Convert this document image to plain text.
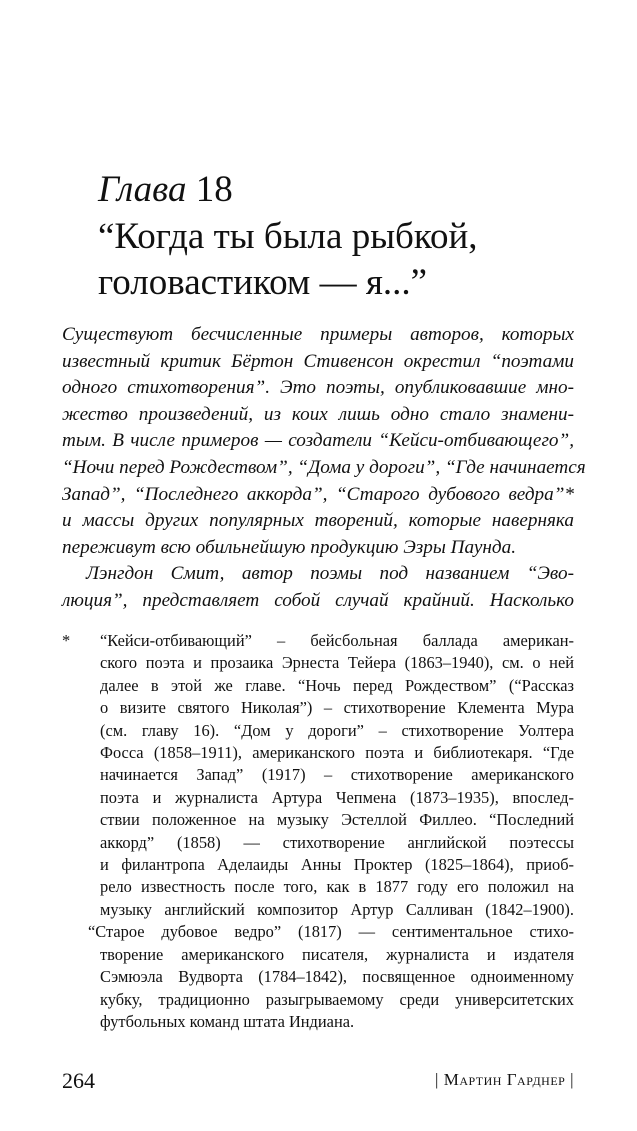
Глава 18
“Когда ты была рыбкой,
головастиком — я...”
Существуют бесчисленные примеры авторов, которых
известный критик Бёртон Стивенсон окрестил “поэтами
одного стихотворения”. Это поэты, опубликовавшие мно-
жество произведений, из коих лишь одно стало знамени-
тым. В числе примеров — создатели “Кейси-отбивающего”,
“Ночи перед Рождеством”, “Дома у дороги”, “Где начинается
Запад”, “Последнего аккорда”, “Старого дубового ведра”*
и массы других популярных творений, которые наверняка
переживут всю обильнейшую продукцию Эзры Паунда.
Лэнгдон Смит, автор поэмы под названием “Эво-
люция”, представляет собой случай крайний. Насколько
* “Кейси-отбивающий” – бейсбольная баллада американ-
ского поэта и прозаика Эрнеста Тейера (1863–1940), см. о ней
далее в этой же главе. “Ночь перед Рождеством” (“Рассказ
о визите святого Николая”) – стихотворение Клемента Мура
(см. главу 16). “Дом у дороги” – стихотворение Уолтера
Фосса (1858–1911), американского поэта и библиотекаря. “Где
начинается Запад” (1917) – стихотворение американского
поэта и журналиста Артура Чепмена (1873–1935), впослед-
ствии положенное на музыку Эстеллой Филлео. “Последний
аккорд” (1858) — стихотворение английской поэтессы
и филантропа Аделаиды Анны Проктер (1825–1864), приоб-
рело известность после того, как в 1877 году его положил на
музыку английский композитор Артур Салливан (1842–1900).
“Старое дубовое ведро” (1817) — сентиментальное стихо-
творение американского писателя, журналиста и издателя
Сэмюэла Вудворта (1784–1842), посвященное одноименному
кубку, традиционно разыгрываемому среди университетских
футбольных команд штата Индиана.
264	| Мартин Гарднер |
